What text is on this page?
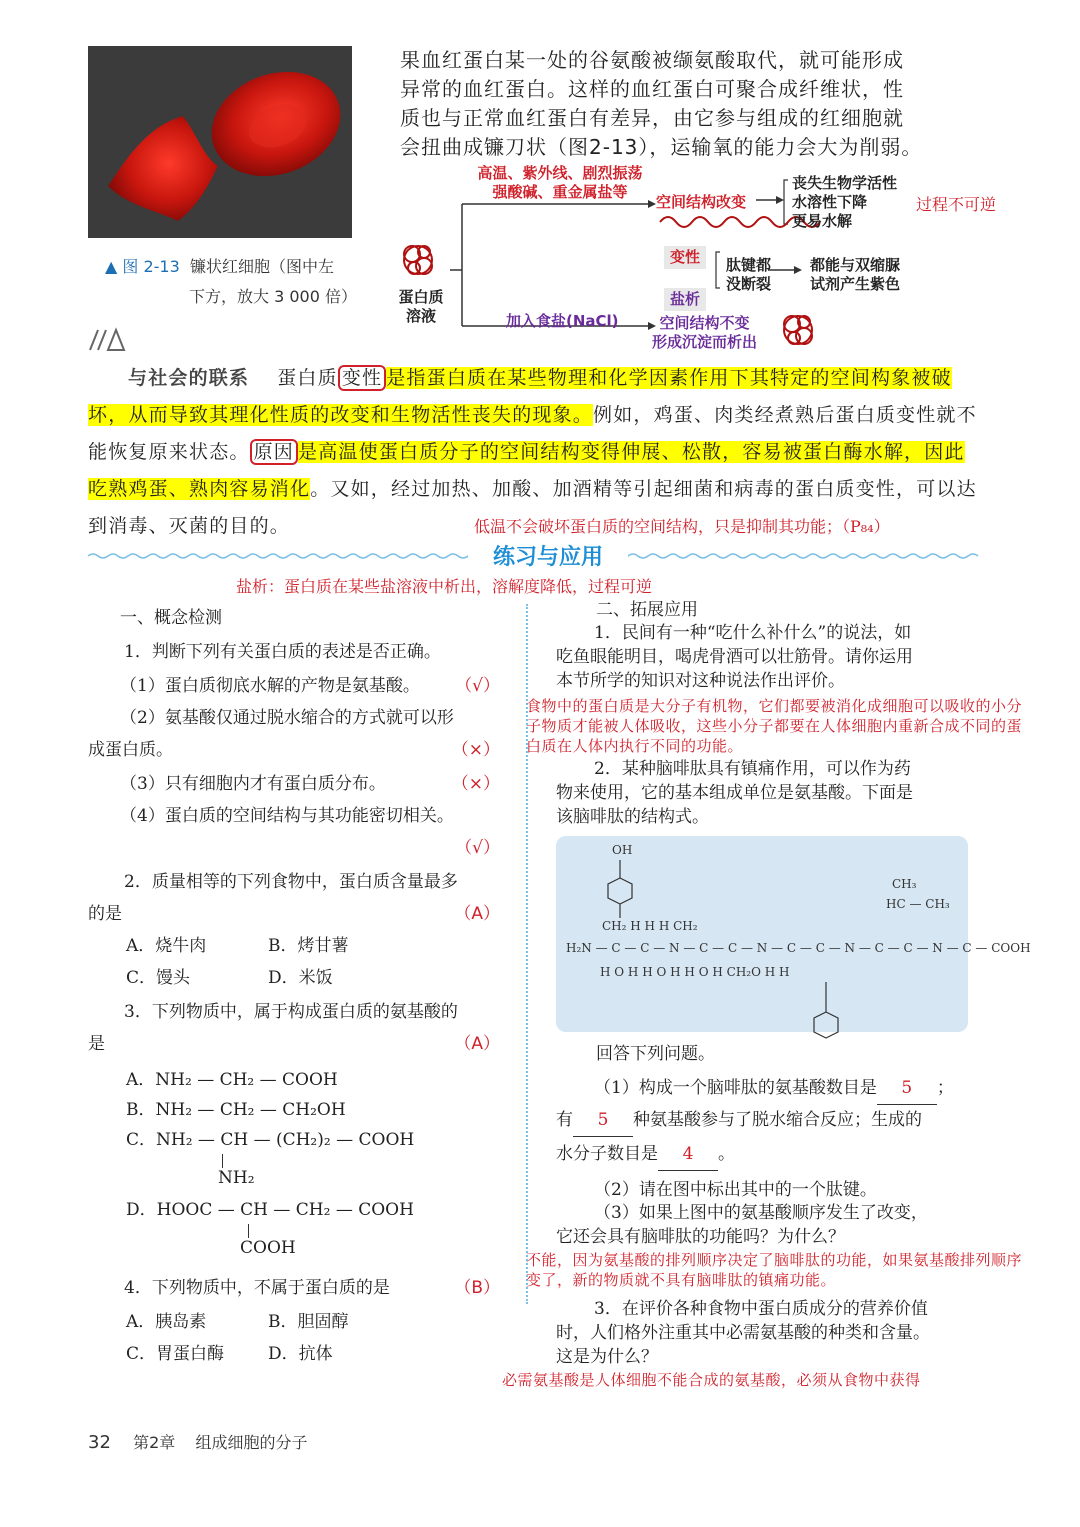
▲ 图 2-13 镰状红细胞（图中左
下方，放大 3 000 倍）
果血红蛋白某一处的谷氨酸被缬氨酸取代，就可能形成
异常的血红蛋白。这样的血红蛋白可聚合成纤维状，性
质也与正常血红蛋白有差异，由它参与组成的红细胞就
会扭曲成镰刀状（图2-13），运输氧的能力会大为削弱。
高温、紫外线、剧烈振荡
强酸碱、重金属盐等
空间结构改变
丧失生物学活性
水溶性下降
更易水解
过程不可逆
蛋白质
溶液
变性
盐析
肽键都
没断裂
都能与双缩脲
试剂产生紫色
加入食盐(NaCl)	空间结构不变
形成沉淀而析出
与社会的联系 蛋白质 变性 是指蛋白质在某些物理和化学因素作用下其特定的空间构象被破坏，从而导致其理化性质的改变和生物活性丧失的现象。例如，鸡蛋、肉类经煮熟后蛋白质变性就不能恢复原来状态。 原因 是高温使蛋白质分子的空间结构变得伸展、松散，容易被蛋白酶水解，因此吃熟鸡蛋、熟肉容易消化。又如，经过加热、加酸、加酒精等引起细菌和病毒的蛋白质变性，可以达到消毒、灭菌的目的。	低温不会破坏蛋白质的空间结构，只是抑制其功能；（P₈₄）
练习与应用
盐析：蛋白质在某些盐溶液中析出，溶解度降低，过程可逆
一、概念检测
1．判断下列有关蛋白质的表述是否正确。
（1）蛋白质彻底水解的产物是氨基酸。 （√）
（2）氨基酸仅通过脱水缩合的方式就可以形
成蛋白质。	（×）
（3）只有细胞内才有蛋白质分布。	（×）
（4）蛋白质的空间结构与其功能密切相关。
（√）
2．质量相等的下列食物中，蛋白质含量最多
的是	（A）
A．烧牛肉	B．烤甘薯
C．馒头	D．米饭
3．下列物质中，属于构成蛋白质的氨基酸的
是	（A）
A．NH₂ — CH₂ — COOH
B．NH₂ — CH₂ — CH₂OH
C．NH₂ — CH — (CH₂)₂ — COOH
NH₂
D．HOOC — CH — CH₂ — COOH
COOH
4．下列物质中，不属于蛋白质的是	（B）
A．胰岛素	B．胆固醇
C．胃蛋白酶	D．抗体
二、拓展应用
1．民间有一种“吃什么补什么”的说法，如
吃鱼眼能明目，喝虎骨酒可以壮筋骨。请你运用
本节所学的知识对这种说法作出评价。
食物中的蛋白质是大分子有机物，它们都要被消化成细胞可以吸收的小分子物质才能被人体吸收，这些小分子都要在人体细胞内重新合成不同的蛋白质在人体内执行不同的功能。
2．某种脑啡肽具有镇痛作用，可以作为药
物来使用，它的基本组成单位是氨基酸。下面是
该脑啡肽的结构式。
OH
CH₃
HC — CH₃
CH₂ H H H CH₂
H₂N — C — C — N — C — C — N — C — C — N — C — C — N — C — COOH
H O H H O H H O H CH₂O H H
回答下列问题。
（1）构成一个脑啡肽的氨基酸数目是 5 ；
有 5 种氨基酸参与了脱水缩合反应；生成的
水分子数目是 4 。
（2）请在图中标出其中的一个肽键。
（3）如果上图中的氨基酸顺序发生了改变，
它还会具有脑啡肽的功能吗？为什么？
不能，因为氨基酸的排列顺序决定了脑啡肽的功能，如果氨基酸排列顺序变了，新的物质就不具有脑啡肽的镇痛功能。
3．在评价各种食物中蛋白质成分的营养价值
时，人们格外注重其中必需氨基酸的种类和含量。
这是为什么？
必需氨基酸是人体细胞不能合成的氨基酸，必须从食物中获得
32 第2章 组成细胞的分子
